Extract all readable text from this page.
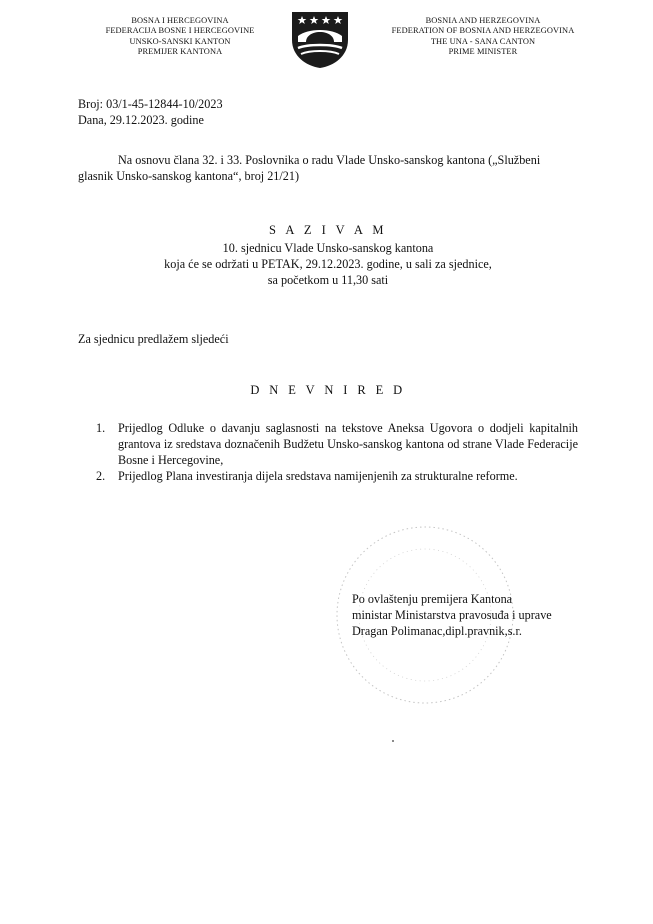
BOSNA I HERCEGOVINA
FEDERACIJA BOSNE I HERCEGOVINE
UNSKO-SANSKI KANTON
PREMIJER KANTONA
BOSNIA AND HERZEGOVINA
FEDERATION OF BOSNIA AND HERZEGOVINA
THE UNA - SANA CANTON
PRIME MINISTER
Broj: 03/1-45-12844-10/2023
Dana, 29.12.2023. godine
Na osnovu člana 32. i 33. Poslovnika o radu Vlade Unsko-sanskog kantona („Službeni
glasnik Unsko-sanskog kantona“, broj 21/21)
S A Z I V A M
10. sjednicu Vlade Unsko-sanskog kantona
koja će se održati u PETAK, 29.12.2023. godine, u sali za sjednice,
sa početkom u 11,30 sati
Za sjednicu predlažem sljedeći
D N E V N I R E D
1.	Prijedlog Odluke o davanju saglasnosti na tekstove Aneksa Ugovora o dodjeli kapitalnih grantova iz sredstava doznačenih Budžetu Unsko-sanskog kantona od strane Vlade Federacije Bosne i Hercegovine,
2.	Prijedlog Plana investiranja dijela sredstava namijenjenih za strukturalne reforme.
Po ovlaštenju premijera Kantona
ministar Ministarstva pravosuđa i uprave
Dragan Polimanac,dipl.pravnik,s.r.
